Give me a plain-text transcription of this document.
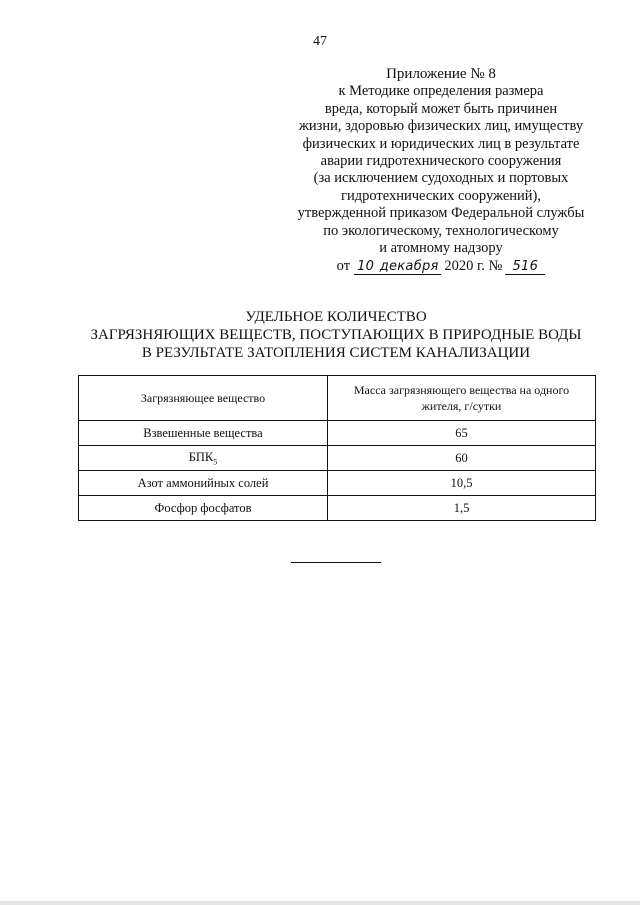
47
Приложение № 8
к Методике определения размера
вреда, который может быть причинен
жизни, здоровью физических лиц, имуществу
физических и юридических лиц в результате
аварии гидротехнического сооружения
(за исключением судоходных и портовых
гидротехнических сооружений),
утвержденной приказом Федеральной службы
по экологическому, технологическому
и атомному надзору
от 10 декабря 2020 г. № 516
УДЕЛЬНОЕ КОЛИЧЕСТВО
ЗАГРЯЗНЯЮЩИХ ВЕЩЕСТВ, ПОСТУПАЮЩИХ В ПРИРОДНЫЕ ВОДЫ
В РЕЗУЛЬТАТЕ ЗАТОПЛЕНИЯ СИСТЕМ КАНАЛИЗАЦИИ
Загрязняющее вещество	Масса загрязняющего вещества на одного жителя, г/сутки
Взвешенные вещества	65
$БПК_5$	60
Азот аммонийных солей	10,5
Фосфор фосфатов	1,5
